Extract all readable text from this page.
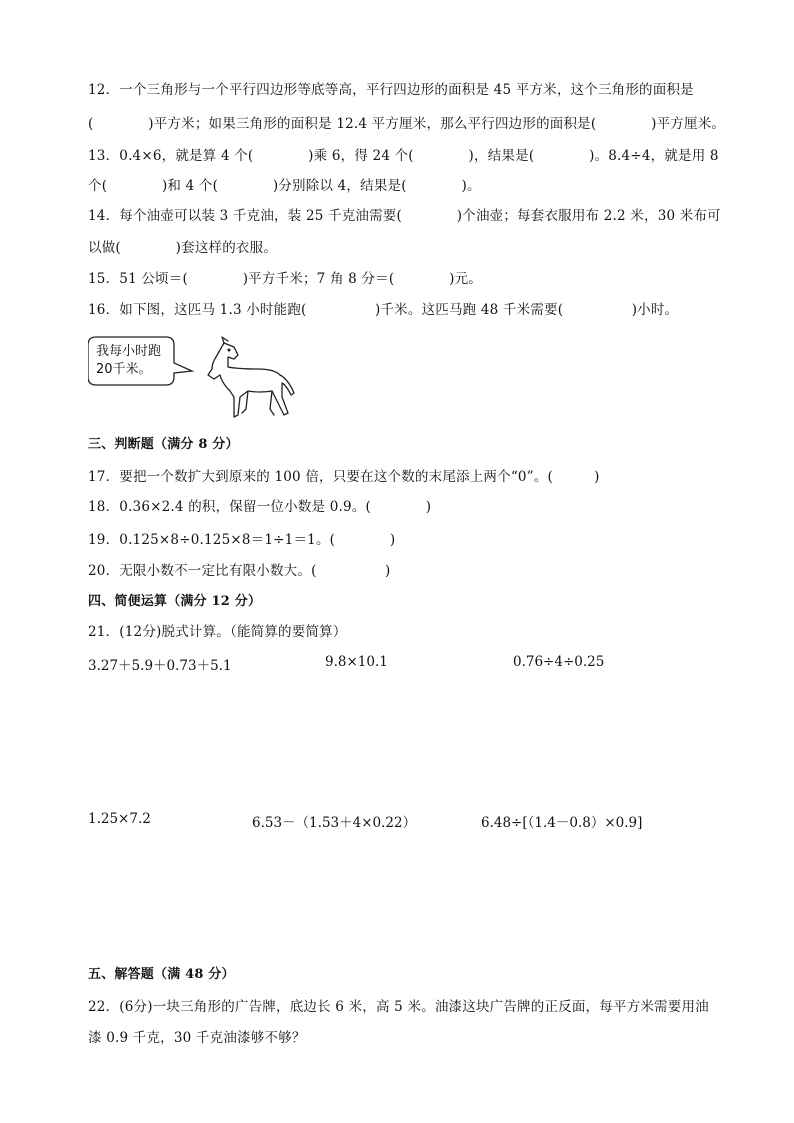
12．一个三角形与一个平行四边形等底等高，平行四边形的面积是 45 平方米，这个三角形的面积是
(　　　　)平方米；如果三角形的面积是 12.4 平方厘米，那么平行四边形的面积是(　　　　)平方厘米。
13．0.4×6，就是算 4 个(　　　　)乘 6，得 24 个(　　　　)，结果是(　　　　)。8.4÷4，就是用 8
个(　　　　)和 4 个(　　　　)分别除以 4，结果是(　　　　)。
14．每个油壶可以装 3 千克油，装 25 千克油需要(　　　　)个油壶；每套衣服用布 2.2 米，30 米布可
以做(　　　　)套这样的衣服。
15．51 公顷＝(　　　　)平方千米；7 角 8 分＝(　　　　)元。
16．如下图，这匹马 1.3 小时能跑(　　　　　)千米。这匹马跑 48 千米需要(　　　　　)小时。
我每小时跑
20千米。
三、判断题（满分 8 分）
17．要把一个数扩大到原来的 100 倍，只要在这个数的末尾添上两个“0”。(　　　)
18．0.36×2.4 的积，保留一位小数是 0.9。(　　　　)
19．0.125×8÷0.125×8＝1÷1＝1。(　　　　)
20．无限小数不一定比有限小数大。(　　　　　)
四、简便运算（满分 12 分）
21．(12分)脱式计算。（能简算的要简算）
3.27＋5.9＋0.73＋5.1	9.8×10.1	0.76÷4÷0.25
1.25×7.2	6.53－（1.53＋4×0.22）	6.48÷[（1.4－0.8）×0.9]
五、解答题（满 48 分）
22．(6分)一块三角形的广告牌，底边长 6 米，高 5 米。油漆这块广告牌的正反面，每平方米需要用油
漆 0.9 千克，30 千克油漆够不够？
